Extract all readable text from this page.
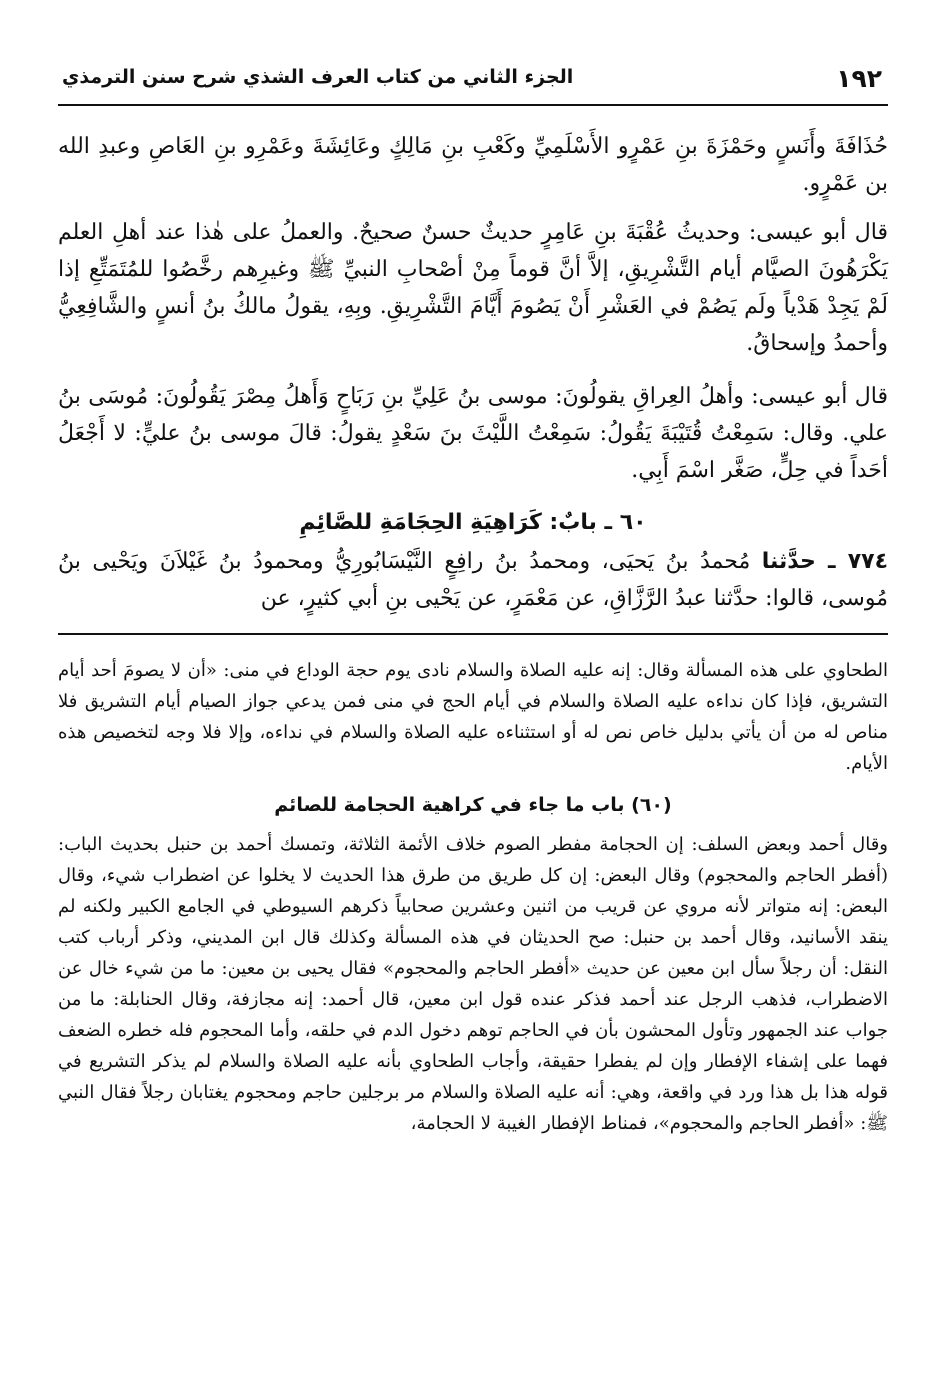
١٩٢
الجزء الثاني من كتاب العرف الشذي شرح سنن الترمذي

حُذَافَةَ وأَنَسٍ وحَمْزَةَ بنِ عَمْرٍو الأَسْلَمِيِّ وكَعْبِ بنِ مَالِكٍ وعَائِشَةَ وعَمْرِو بنِ العَاصِ وعبدِ الله بن عَمْرٍو.

قال أبو عيسى: وحديثُ عُقْبَةَ بنِ عَامِرٍ حديثٌ حسنٌ صحيحٌ. والعملُ على هٰذا عند أهلِ العلم يَكْرَهُونَ الصيَّام أيام التَّشْرِيقِ، إلاَّ أنَّ قوماً مِنْ أصْحابِ النبيِّ ﷺ وغيرِهم رخَّصُوا للمُتَمَتِّعِ إذا لَمْ يَجِدْ هَدْياً ولَم يَصُمْ في العَشْرِ أَنْ يَصُومَ أَيَّامَ التَّشْرِيقِ. وبِهِ، يقولُ مالكُ بنُ أنسٍ والشَّافِعِيُّ وأحمدُ وإسحاقُ.

قال أبو عيسى: وأهلُ العِراقِ يقولُونَ: موسى بنُ عَلِيِّ بنِ رَبَاحٍ وَأَهلُ مِصْرَ يَقُولُونَ: مُوسَى بنُ علي. وقال: سَمِعْتُ قُتَيْبَةَ يَقُولُ: سَمِعْتُ اللَّيْثَ بنَ سَعْدٍ يقولُ: قالَ موسى بنُ عليٍّ: لا أَجْعَلُ أحَداً في حِلٍّ، صَغَّر اسْمَ أَبِي.

٦٠ ـ بابٌ: كَرَاهِيَةِ الحِجَامَةِ للصَّائِمِ

٧٧٤ ـ حدَّثنا مُحمدُ بنُ يَحيَى، ومحمدُ بنُ رافِعٍ النَّيْسَابُورِيُّ ومحمودُ بنُ غَيْلاَنَ ويَحْيى بنُ مُوسى، قالوا: حدَّثنا عبدُ الرَّزَّاقِ، عن مَعْمَرٍ، عن يَحْيى بنِ أبي كثيرٍ، عن

الطحاوي على هذه المسألة وقال: إنه عليه الصلاة والسلام نادى يوم حجة الوداع في منى: «أن لا يصومَ أحد أيام التشريق، فإذا كان نداءه عليه الصلاة والسلام في أيام الحج في منى فمن يدعي جواز الصيام أيام التشريق فلا مناص له من أن يأتي بدليل خاص نص له أو استثناءه عليه الصلاة والسلام في نداءه، وإلا فلا وجه لتخصيص هذه الأيام.

(٦٠) باب ما جاء في كراهية الحجامة للصائم

وقال أحمد وبعض السلف: إن الحجامة مفطر الصوم خلاف الأئمة الثلاثة، وتمسك أحمد بن حنبل بحديث الباب: (أفطر الحاجم والمحجوم) وقال البعض: إن كل طريق من طرق هذا الحديث لا يخلوا عن اضطراب شيء، وقال البعض: إنه متواتر لأنه مروي عن قريب من اثنين وعشرين صحابياً ذكرهم السيوطي في الجامع الكبير ولكنه لم ينقد الأسانيد، وقال أحمد بن حنبل: صح الحديثان في هذه المسألة وكذلك قال ابن المديني، وذكر أرباب كتب النقل: أن رجلاً سأل ابن معين عن حديث «أفطر الحاجم والمحجوم» فقال يحيى بن معين: ما من شيء خال عن الاضطراب، فذهب الرجل عند أحمد فذكر عنده قول ابن معين، قال أحمد: إنه مجازفة، وقال الحنابلة: ما من جواب عند الجمهور وتأول المحشون بأن في الحاجم توهم دخول الدم في حلقه، وأما المحجوم فله خطره الضعف فهما على إشفاء الإفطار وإن لم يفطرا حقيقة، وأجاب الطحاوي بأنه عليه الصلاة والسلام لم يذكر التشريع في قوله هذا بل هذا ورد في واقعة، وهي: أنه عليه الصلاة والسلام مر برجلين حاجم ومحجوم يغتابان رجلاً فقال النبي ﷺ: «أفطر الحاجم والمحجوم»، فمناط الإفطار الغيبة لا الحجامة،
